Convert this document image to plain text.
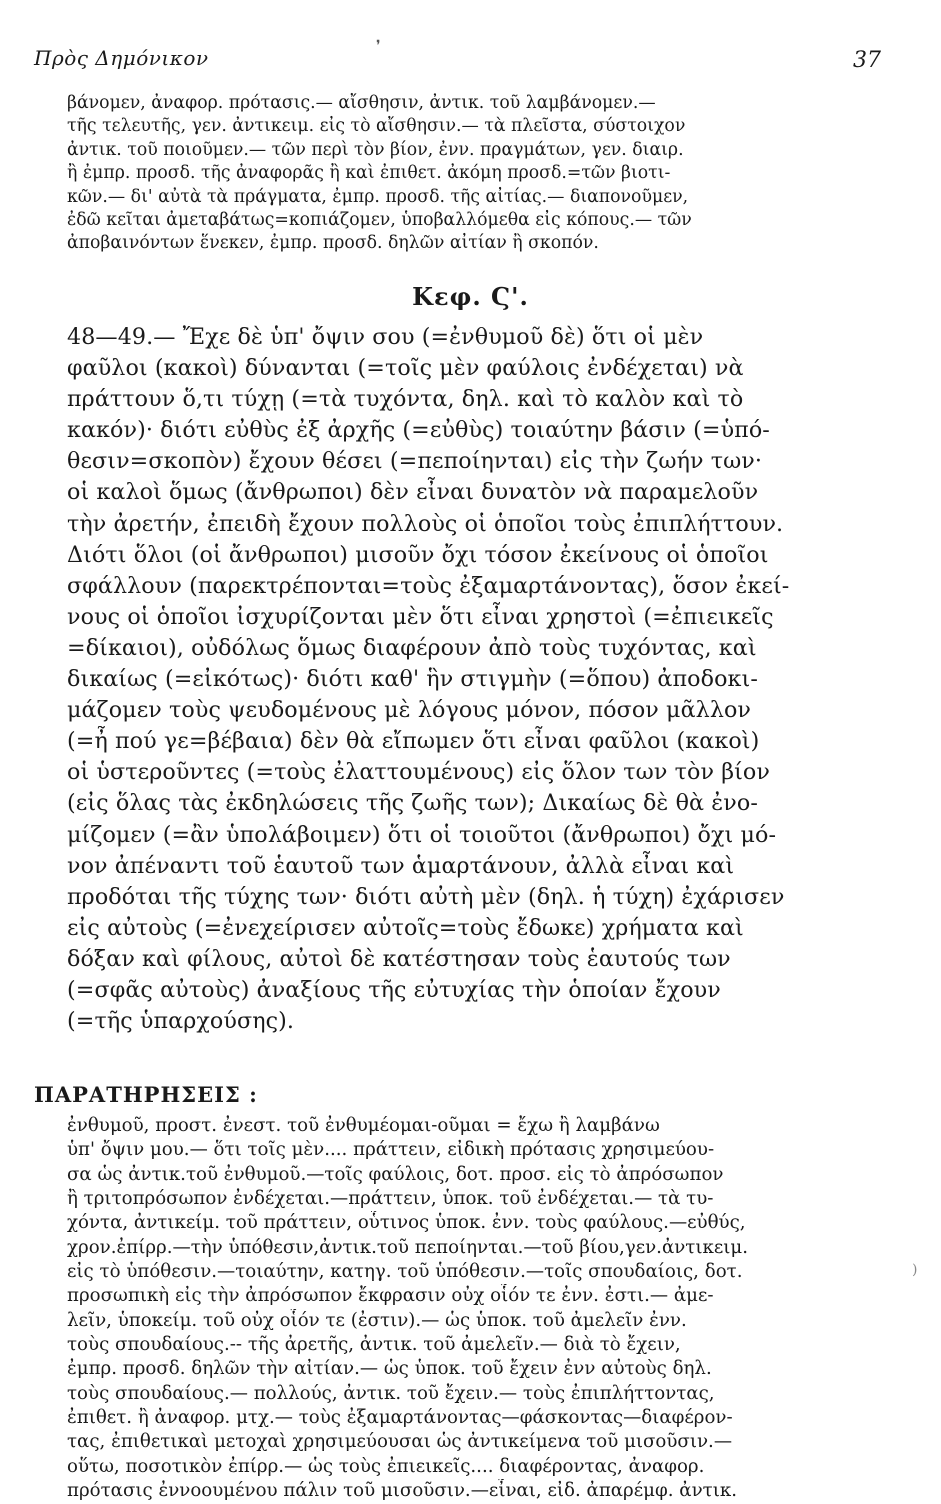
❜
Πρὸς Δημόνικον	37
βάνομεν, ἀναφορ. πρότασις.— αἴσθησιν, ἀντικ. τοῦ λαμβάνομεν.—
τῆς τελευτῆς, γεν. ἀντικειμ. εἰς τὸ αἴσθησιν.— τὰ πλεῖστα, σύστοιχον
ἀντικ. τοῦ ποιοῦμεν.— τῶν περὶ τὸν βίον, ἐνν. πραγμάτων, γεν. διαιρ.
ἢ ἐμπρ. προσδ. τῆς ἀναφορᾶς ἢ καὶ ἐπιθετ. ἀκόμη προσδ.=τῶν βιοτι-
κῶν.— δι' αὐτὰ τὰ πράγματα, ἐμπρ. προσδ. τῆς αἰτίας.— διαπονοῦμεν,
ἐδῶ κεῖται ἀμεταβάτως=κοπιάζομεν, ὑποβαλλόμεθα εἰς κόπους.— τῶν
ἀποβαινόντων ἕνεκεν, ἐμπρ. προσδ. δηλῶν αἰτίαν ἢ σκοπόν.
Κεφ. Ϛ'.
48—49.— Ἔχε δὲ ὑπ' ὄψιν σου (=ἐνθυμοῦ δὲ) ὅτι οἱ μὲν
φαῦλοι (κακοὶ) δύνανται (=τοῖς μὲν φαύλοις ἐνδέχεται) νὰ
πράττουν ὅ,τι τύχῃ (=τὰ τυχόντα, δηλ. καὶ τὸ καλὸν καὶ τὸ
κακόν)· διότι εὐθὺς ἐξ ἀρχῆς (=εὐθὺς) τοιαύτην βάσιν (=ὑπό-
θεσιν=σκοπὸν) ἔχουν θέσει (=πεποίηνται) εἰς τὴν ζωήν των·
οἱ καλοὶ ὅμως (ἄνθρωποι) δὲν εἶναι δυνατὸν νὰ παραμελοῦν
τὴν ἀρετήν, ἐπειδὴ ἔχουν πολλοὺς οἱ ὁποῖοι τοὺς ἐπιπλήττουν.
Διότι ὅλοι (οἱ ἄνθρωποι) μισοῦν ὄχι τόσον ἐκείνους οἱ ὁποῖοι
σφάλλουν (παρεκτρέπονται=τοὺς ἐξαμαρτάνοντας), ὅσον ἐκεί-
νους οἱ ὁποῖοι ἰσχυρίζονται μὲν ὅτι εἶναι χρηστοὶ (=ἐπιεικεῖς
=δίκαιοι), οὐδόλως ὅμως διαφέρουν ἀπὸ τοὺς τυχόντας, καὶ
δικαίως (=εἰκότως)· διότι καθ' ἣν στιγμὴν (=ὅπου) ἀποδοκι-
μάζομεν τοὺς ψευδομένους μὲ λόγους μόνον, πόσον μᾶλλον
(=ἦ πού γε=βέβαια) δὲν θὰ εἴπωμεν ὅτι εἶναι φαῦλοι (κακοὶ)
οἱ ὑστεροῦντες (=τοὺς ἐλαττουμένους) εἰς ὅλον των τὸν βίον
(εἰς ὅλας τὰς ἐκδηλώσεις τῆς ζωῆς των); Δικαίως δὲ θὰ ἐνο-
μίζομεν (=ἂν ὑπολάβοιμεν) ὅτι οἱ τοιοῦτοι (ἄνθρωποι) ὄχι μό-
νον ἀπέναντι τοῦ ἑαυτοῦ των ἁμαρτάνουν, ἀλλὰ εἶναι καὶ
προδόται τῆς τύχης των· διότι αὐτὴ μὲν (δηλ. ἡ τύχη) ἐχάρισεν
εἰς αὐτοὺς (=ἐνεχείρισεν αὐτοῖς=τοὺς ἔδωκε) χρήματα καὶ
δόξαν καὶ φίλους, αὐτοὶ δὲ κατέστησαν τοὺς ἑαυτούς των
(=σφᾶς αὐτοὺς) ἀναξίους τῆς εὐτυχίας τὴν ὁποίαν ἔχουν
(=τῆς ὑπαρχούσης).
ΠΑΡΑΤΗΡΗΣΕΙΣ :
ἐνθυμοῦ, προστ. ἐνεστ. τοῦ ἐνθυμέομαι-οῦμαι = ἔχω ἢ λαμβάνω
ὑπ' ὄψιν μου.— ὅτι τοῖς μὲν.... πράττειν, εἰδικὴ πρότασις χρησιμεύου-
σα ὡς ἀντικ.τοῦ ἐνθυμοῦ.—τοῖς φαύλοις, δοτ. προσ. εἰς τὸ ἀπρόσωπον
ἢ τριτοπρόσωπον ἐνδέχεται.—πράττειν, ὑποκ. τοῦ ἐνδέχεται.— τὰ τυ-
χόντα, ἀντικείμ. τοῦ πράττειν, οὗτινος ὑποκ. ἐνν. τοὺς φαύλους.—εὐθύς,
χρον.ἐπίρρ.—τὴν ὑπόθεσιν,ἀντικ.τοῦ πεποίηνται.—τοῦ βίου,γεν.ἀντικειμ.
εἰς τὸ ὑπόθεσιν.—τοιαύτην, κατηγ. τοῦ ὑπόθεσιν.—τοῖς σπουδαίοις, δοτ.
προσωπικὴ εἰς τὴν ἀπρόσωπον ἔκφρασιν οὐχ οἷόν τε ἐνν. ἐστι.— ἀμε-
λεῖν, ὑποκείμ. τοῦ οὐχ οἷόν τε (ἐστιν).— ὡς ὑποκ. τοῦ ἀμελεῖν ἐνν.
τοὺς σπουδαίους.-- τῆς ἀρετῆς, ἀντικ. τοῦ ἀμελεῖν.— διὰ τὸ ἔχειν,
ἐμπρ. προσδ. δηλῶν τὴν αἰτίαν.— ὡς ὑποκ. τοῦ ἔχειν ἐνν αὐτοὺς δηλ.
τοὺς σπουδαίους.— πολλούς, ἀντικ. τοῦ ἔχειν.— τοὺς ἐπιπλήττοντας,
ἐπιθετ. ἢ ἀναφορ. μτχ.— τοὺς ἐξαμαρτάνοντας—φάσκοντας—διαφέρον-
τας, ἐπιθετικαὶ μετοχαὶ χρησιμεύουσαι ὡς ἀντικείμενα τοῦ μισοῦσιν.—
οὕτω, ποσοτικὸν ἐπίρρ.— ὡς τοὺς ἐπιεικεῖς.... διαφέροντας, ἀναφορ.
πρότασις ἐννοουμένου πάλιν τοῦ μισοῦσιν.—εἶναι, εἰδ. ἀπαρέμφ. ἀντικ.
)
